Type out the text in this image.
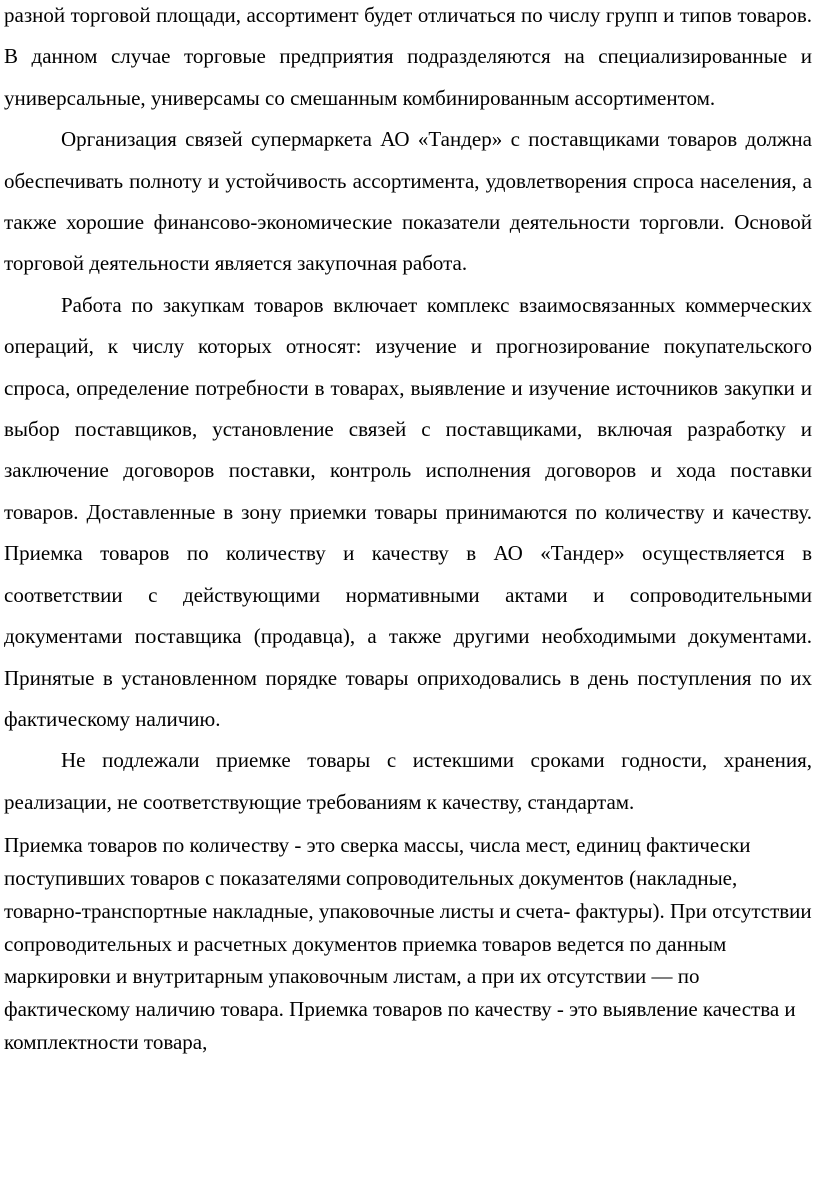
разной торговой площади, ассортимент будет отличаться по числу групп и типов товаров. В данном случае торговые предприятия подразделяются на специализированные и универсальные, универсамы со смешанным комбинированным ассортиментом.

Организация связей супермаркета АО «Тандер» с поставщиками товаров должна обеспечивать полноту и устойчивость ассортимента, удовлетворения спроса населения, а также хорошие финансово-экономические показатели деятельности торговли. Основой торговой деятельности является закупочная работа.

Работа по закупкам товаров включает комплекс взаимосвязанных коммерческих операций, к числу которых относят: изучение и прогнозирование покупательского спроса, определение потребности в товарах, выявление и изучение источников закупки и выбор поставщиков, установление связей с поставщиками, включая разработку и заключение договоров поставки, контроль исполнения договоров и хода поставки товаров. Доставленные в зону приемки товары принимаются по количеству и качеству. Приемка товаров по количеству и качеству в АО «Тандер» осуществляется в соответствии с действующими нормативными актами и сопроводительными документами поставщика (продавца), а также другими необходимыми документами. Принятые в установленном порядке товары оприходовались в день поступления по их фактическому наличию.

Не подлежали приемке товары с истекшими сроками годности, хранения, реализации, не соответствующие требованиям к качеству, стандартам.

Приемка товаров по количеству - это сверка массы, числа мест, единиц фактически поступивших товаров с показателями сопроводительных документов (накладные, товарно-транспортные накладные, упаковочные листы и счета- фактуры). При отсутствии сопроводительных и расчетных документов приемка товаров ведется по данным маркировки и внутритарным упаковочным листам, а при их отсутствии — по фактическому наличию товара. Приемка товаров по качеству - это выявление качества и комплектности товара,
